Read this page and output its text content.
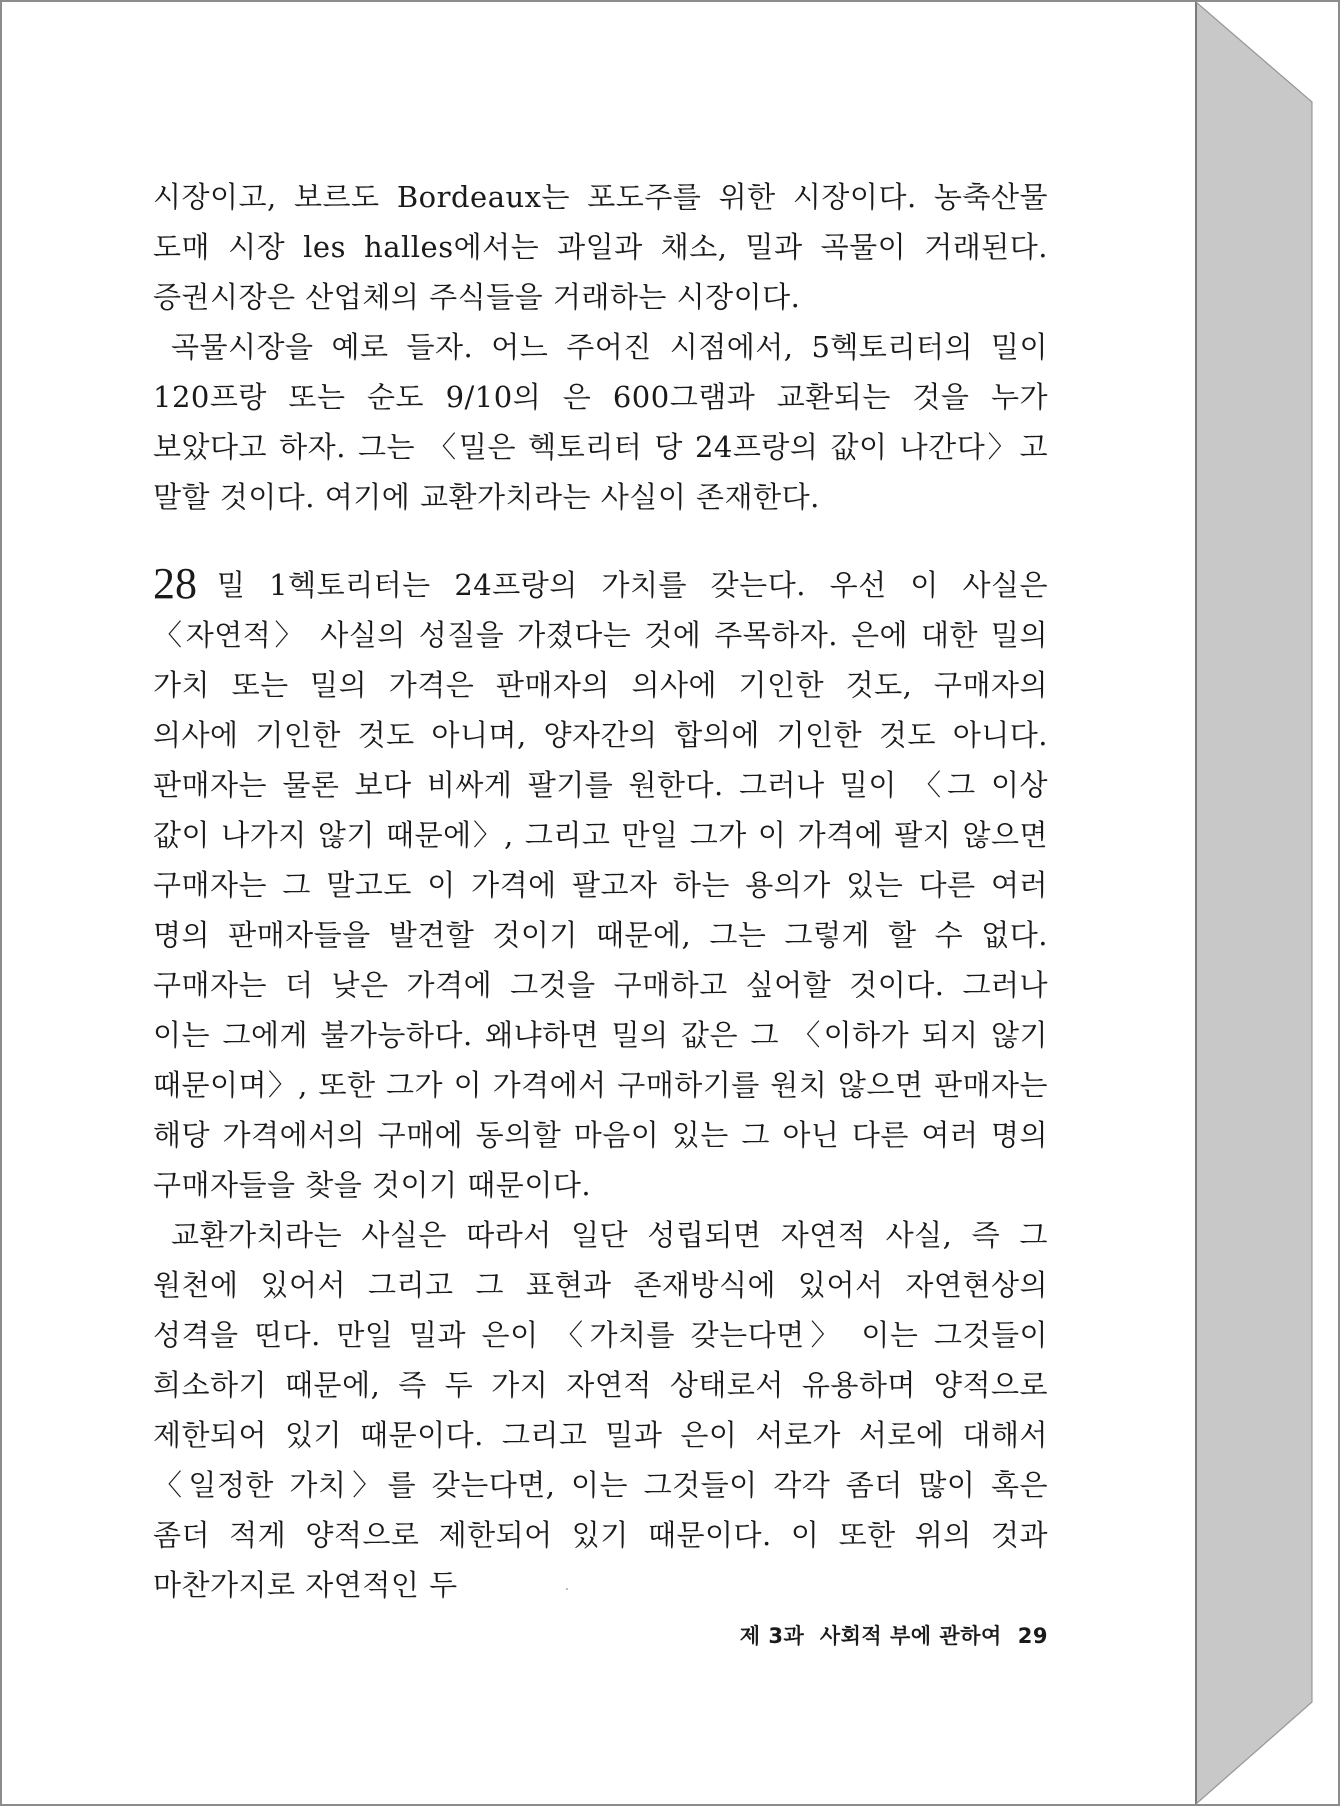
시장이고, 보르도 Bordeaux는 포도주를 위한 시장이다. 농축산물 도매 시장 les halles에서는 과일과 채소, 밀과 곡물이 거래된다. 증권시장은 산업체의 주식들을 거래하는 시장이다.

곡물시장을 예로 들자. 어느 주어진 시점에서, 5헥토리터의 밀이 120프랑 또는 순도 9/10의 은 600그램과 교환되는 것을 누가 보았다고 하자. 그는 〈밀은 헥토리터 당 24프랑의 값이 나간다〉고 말할 것이다. 여기에 교환가치라는 사실이 존재한다.

28 밀 1헥토리터는 24프랑의 가치를 갖는다. 우선 이 사실은 〈자연적〉 사실의 성질을 가졌다는 것에 주목하자. 은에 대한 밀의 가치 또는 밀의 가격은 판매자의 의사에 기인한 것도, 구매자의 의사에 기인한 것도 아니며, 양자간의 합의에 기인한 것도 아니다. 판매자는 물론 보다 비싸게 팔기를 원한다. 그러나 밀이 〈그 이상 값이 나가지 않기 때문에〉, 그리고 만일 그가 이 가격에 팔지 않으면 구매자는 그 말고도 이 가격에 팔고자 하는 용의가 있는 다른 여러 명의 판매자들을 발견할 것이기 때문에, 그는 그렇게 할 수 없다. 구매자는 더 낮은 가격에 그것을 구매하고 싶어할 것이다. 그러나 이는 그에게 불가능하다. 왜냐하면 밀의 값은 그 〈이하가 되지 않기 때문이며〉, 또한 그가 이 가격에서 구매하기를 원치 않으면 판매자는 해당 가격에서의 구매에 동의할 마음이 있는 그 아닌 다른 여러 명의 구매자들을 찾을 것이기 때문이다.

교환가치라는 사실은 따라서 일단 성립되면 자연적 사실, 즉 그 원천에 있어서 그리고 그 표현과 존재방식에 있어서 자연현상의 성격을 띤다. 만일 밀과 은이 〈가치를 갖는다면〉 이는 그것들이 희소하기 때문에, 즉 두 가지 자연적 상태로서 유용하며 양적으로 제한되어 있기 때문이다. 그리고 밀과 은이 서로가 서로에 대해서 〈일정한 가치〉를 갖는다면, 이는 그것들이 각각 좀더 많이 혹은 좀더 적게 양적으로 제한되어 있기 때문이다. 이 또한 위의 것과 마찬가지로 자연적인 두

제 3과  사회적 부에 관하여 29
